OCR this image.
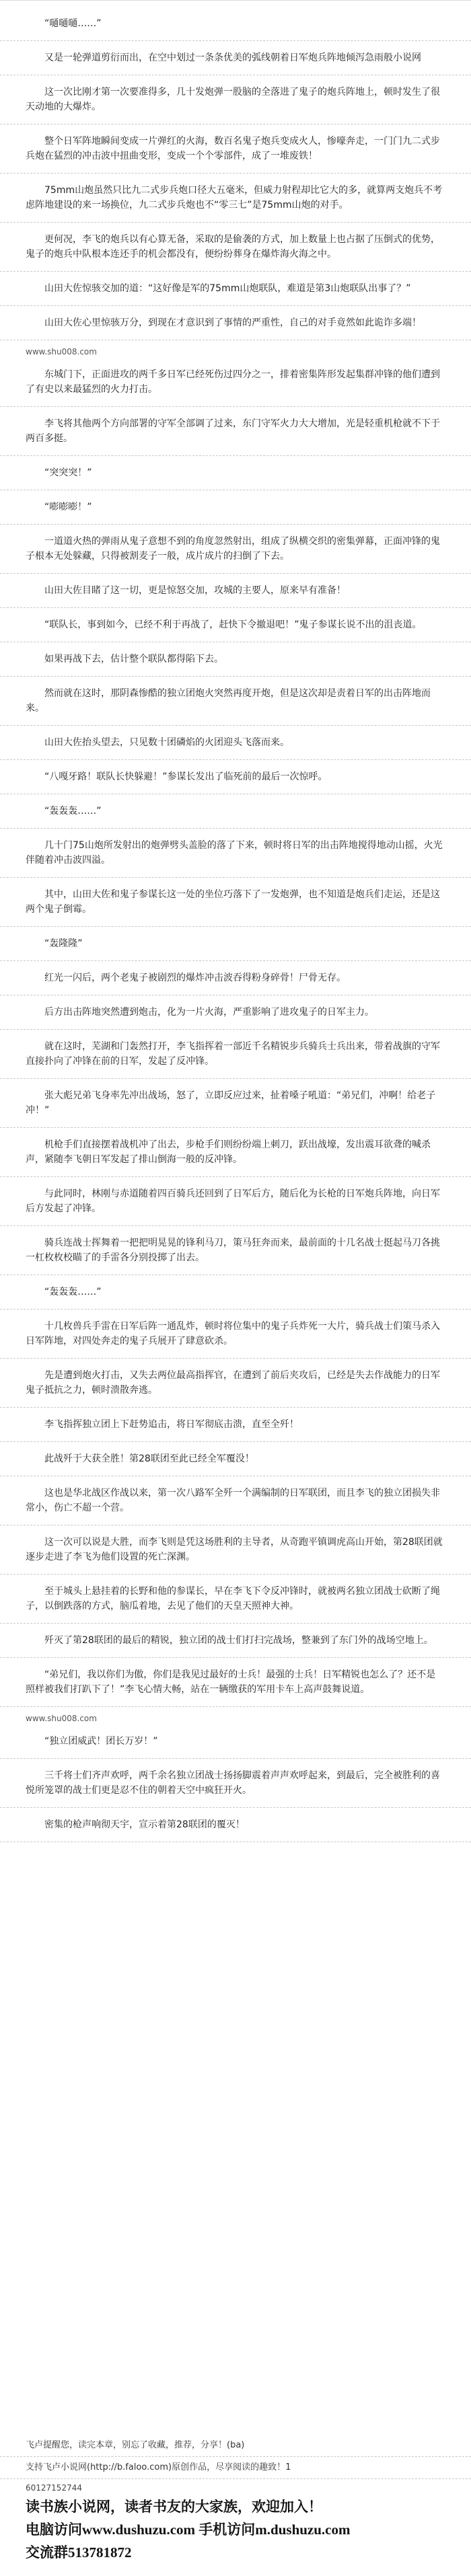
“嗵嗵嗵……”
又是一轮弹道剪衍而出，在空中划过一条条优美的弧线朝着日军炮兵阵地倾泻急雨般小说网
这一次比刚才第一次要准得多，几十发炮弹一股脑的全落进了鬼子的炮兵阵地上，顿时发生了很天动地的大爆炸。
整个日军阵地瞬间变成一片弹红的火海，数百名鬼子炮兵变成火人，惨嚎奔走，一门门九二式步兵炮在猛烈的冲击波中扭曲变形，变成一个个零部件，成了一堆废铁！
75mm山炮虽然只比九二式步兵炮口径大五毫米，但威力射程却比它大的多，就算两支炮兵不考虑阵地建设的来一场换位，九二式步兵炮也不“零三七”是75mm山炮的对手。
更何况，李飞的炮兵以有心算无备，采取的是偷袭的方式，加上数量上也占据了压倒式的优势，鬼子的炮兵中队根本连还手的机会都没有，便纷纷葬身在爆炸海火海之中。
山田大佐惊骇交加的道：“这好像是军的75mm山炮联队，难道是第3山炮联队出事了？”
山田大佐心里惊骇万分，到现在才意识到了事情的严重性，自己的对手竟然如此诡诈多端！
www.shu008.com
东城门下，正面进攻的两千多日军已经死伤过四分之一，排着密集阵形发起集群冲锋的他们遭到了有史以来最猛烈的火力打击。
李飞将其他两个方向部署的守军全部调了过来，东门守军火力大大增加，光是轻重机枪就不下于两百多挺。
“突突突！”
“嘭嘭嘭！”
一道道火热的弹雨从鬼子意想不到的角度忽然射出，组成了纵横交织的密集弹幕，正面冲锋的鬼子根本无处躲藏，只得被割麦子一般，成片成片的扫倒了下去。
山田大佐目睹了这一切，更是惊怒交加，攻城的主要人，原来早有准备！
“联队长，事到如今，已经不利于再战了，赶快下令撤退吧！”鬼子参谋长说不出的沮丧道。
如果再战下去，估计整个联队都得陷下去。
然而就在这时，那阴森惨酷的独立团炮火突然再度开炮，但是这次却是责着日军的出击阵地而来。
山田大佐抬头望去，只见数十团磷焰的火团迎头飞落而来。
“八嘎牙路！联队长快躲避！”参谋长发出了临死前的最后一次惊呼。
“轰轰轰……”
几十门75山炮所发射出的炮弹劈头盖脸的落了下来，顿时将日军的出击阵地搅得地动山摇，火光伴随着冲击波四溢。
其中，山田大佐和鬼子参谋长这一处的坐位巧落下了一发炮弹，也不知道是炮兵们走运，还是这两个鬼子倒霉。
“轰隆隆”
红光一闪后，两个老鬼子被剧烈的爆炸冲击波吞得粉身碎骨！尸骨无存。
后方出击阵地突然遭到炮击，化为一片火海，严重影响了进攻鬼子的日军主力。
就在这时，芜湖和门轰然打开，李飞指挥着一部近千名精锐步兵骑兵士兵出来，带着战旗的守军直接扑向了冲锋在前的日军，发起了反冲锋。
张大彪兄弟飞身率先冲出战场，怒了，立即反应过来，扯着嗓子吼道：“弟兄们，冲啊！给老子冲！”
机枪手们直接摆着战机冲了出去，步枪手们则纷纷端上刺刀，跃出战壕，发出震耳欲聋的喊杀声，紧随李飞朝日军发起了排山倒海一般的反冲锋。
与此同时，林刚与赤道随着四百骑兵还回到了日军后方，随后化为长枪的日军炮兵阵地，向日军后方发起了冲锋。
骑兵连战士挥舞着一把把明晃晃的锋利马刀，策马狂奔而来，最前面的十几名战士挺起马刀各挑一杠枚枚校瞄了的手雷各分别投掷了出去。
“轰轰轰……”
十几枚兽兵手雷在日军后阵一通乱炸，顿时将位集中的鬼子兵炸死一大片，骑兵战士们策马杀入日军阵地，对四处奔走的鬼子兵展开了肆意砍杀。
先是遭到炮火打击，又失去两位最高指挥官，在遭到了前后夹攻后，已经是失去作战能力的日军鬼子抵抗之力，顿时溃散奔逃。
李飞指挥独立团上下赶势追击，将日军彻底击溃，直至全歼！
此战歼于大获全胜！第28联团至此已经全军覆没！
这也是华北战区作战以来，第一次八路军全歼一个满编制的日军联团，而且李飞的独立团损失非常小，伤亡不超一个营。
这一次可以说是大胜，而李飞则是凭这场胜利的主导者，从奇跑平镇调虎高山开始，第28联团就逐步走进了李飞为他们设置的死亡深渊。
至于城头上悬挂着的长野和他的参谋长，早在李飞下令反冲锋时，就被两名独立团战士砍断了绳子，以倒跌落的方式，脑瓜着地，去见了他们的天皇天照神大神。
歼灭了第28联团的最后的精锐，独立团的战士们打扫完战场，整兼到了东门外的战场空地上。
“弟兄们，我以你们为傲，你们是我见过最好的士兵！最强的士兵！日军精锐也怎么了？还不是照样被我们打趴下了！”李飞心情大畅，站在一辆缴获的军用卡车上高声鼓舞说道。
www.shu008.com
“独立团威武！团长万岁！”
三千将士们齐声欢呼，两千余名独立团战士扬扬脚震着声声欢呼起来，到最后，完全被胜利的喜悦所笼罩的战士们更是忍不住的朝着天空中疯狂开火。
密集的枪声响彻天宇，宣示着第28联团的覆灭！
飞卢提醒您，读完本章，别忘了收藏，推荐，分享！(ba)
支持飞卢小说网(http://b.faloo.com)原创作品，尽享阅读的趣致！1
60127152744
读书族小说网，读者书友的大家族，欢迎加入！
电脑访问www.dushuzu.com 手机访问m.dushuzu.com
交流群513781872
